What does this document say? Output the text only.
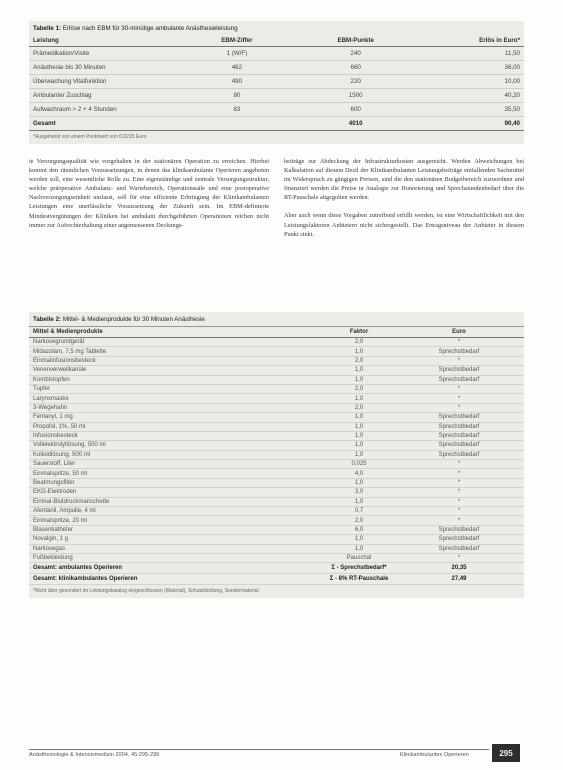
Tabelle 1: Erlöse nach EBM für 30-minütige ambulante Anästhesieleistung
Leistung	EBM-Ziffer	EBM-Punkte	Erlös in Euro*
Prämedikation/Visite	1 (W/F)	240	11,50
Anästhesie bis 30 Minuten	462	660	36,00
Überwachung Vitalfunktion	490	220	10,00
Ambulanter Zuschlag	80	1500	40,20
Aufwachraum > 2 + 4 Stunden	83	600	35,50
Gesamt		4010	90,40
*Ausgehend von einem Punktwert von 0,0225 Euro

ie Versorgungsqualität wie vorgehalten in der stationären Operation zu erreichen. Hierbei kommt den räumlichen Voraussetzungen, in denen das klinikambulante Operieren angeboten werden soll, eine wesentliche Rolle zu. Eine eigenständige und zentrale Versorgungsstruktur, welche präoperative Ambulanz- und Wartebereich, Operationssäle und eine postoperative Nachversorgungseinheit umfasst, soll für eine effiziente Erbringung der Klinikambulanten Leistungen eine unerlässliche Voraussetzung der Zukunft sein. Im EBM-definierte Mindestvergütungen der Kliniken bei ambulant durchgeführten Operationen reichen nicht immer zur Aufrechterhaltung einer angemessenen Deckungs-

beiträge zur Abdeckung der Infrastrukturkosten ausgereicht. Werden Abweichungen bei Kalkulation auf diesem Dezil der Klinikambulanten Leistungsbeiträge entfallenden Sachmittel im Widerspruch zu gängigen Preisen, sind die den stationären Budgetbereich zuzuordnen und finanziert werden die Preise in Analogie zur Honorierung und Sprechstundenbedarf über die RT-Pauschale abgegolten werden.

Aber auch wenn diese Vorgaben zutreffend erfüllt werden, ist eine Wirtschaftlichkeit mit den Leistungsfaktoren Anbietern nicht sichergestellt. Das Ertragsniveau der Anbieter in diesem Punkt sinkt.

Tabelle 2: Mittel- & Medienprodukte für 30 Minuten Anästhesie
Mittel & Medienprodukte	Faktor	Euro
Narkosegrundgerät	2,0	*
Midazolam, 7,5 mg Tablette	1,0	Sprechstbedarf
Einmalinfusionsbesteck	2,0	*
Venenverweilkanüle	1,0	Sprechstbedarf
Kombistopfen	1,0	Sprechstbedarf
Tupfer	2,0	*
Larynxmaske	1,0	*
3-Wegehahn	2,0	*
Fentanyl, 1 mg	1,0	Sprechstbedarf
Propofol, 1%, 50 ml	1,0	Sprechstbedarf
Infusionsbesteck	1,0	Sprechstbedarf
Vollelektrolytlösung, 500 ml	1,0	Sprechstbedarf
Kolloidlösung, 500 ml	1,0	Sprechstbedarf
Sauerstoff, Liter	0,025	*
Einmalspritze, 50 ml	4,0	*
Beatmungsfilter	1,0	*
EKG-Elektroden	3,0	*
Einmal-Blutdruckmanschette	1,0	*
Afentanil, Ampulle, 4 ml	0,7	*
Einmalspritze, 20 ml	2,0	*
Blasenkatheter	6,0	Sprechstbedarf
Novalgin, 1 g	1,0	Sprechstbedarf
Narkosegas	1,0	Sprechstbedarf
Fußbekleidung	Pauschal	*
Gesamt: ambulantes Operieren	Σ - Sprechstbedarf*	20,35
Gesamt: klinikambulantes Operieren	Σ - 8% RT-Pauschale	27,49
*Nicht über gesondert im Leistungskatalog eingeschlossen (Material), Schutzkleidung, Sondermaterial
Anästhesiologie & Intensivmedizin 2004, 45:295-299	Klinikambulantes Operieren	295
